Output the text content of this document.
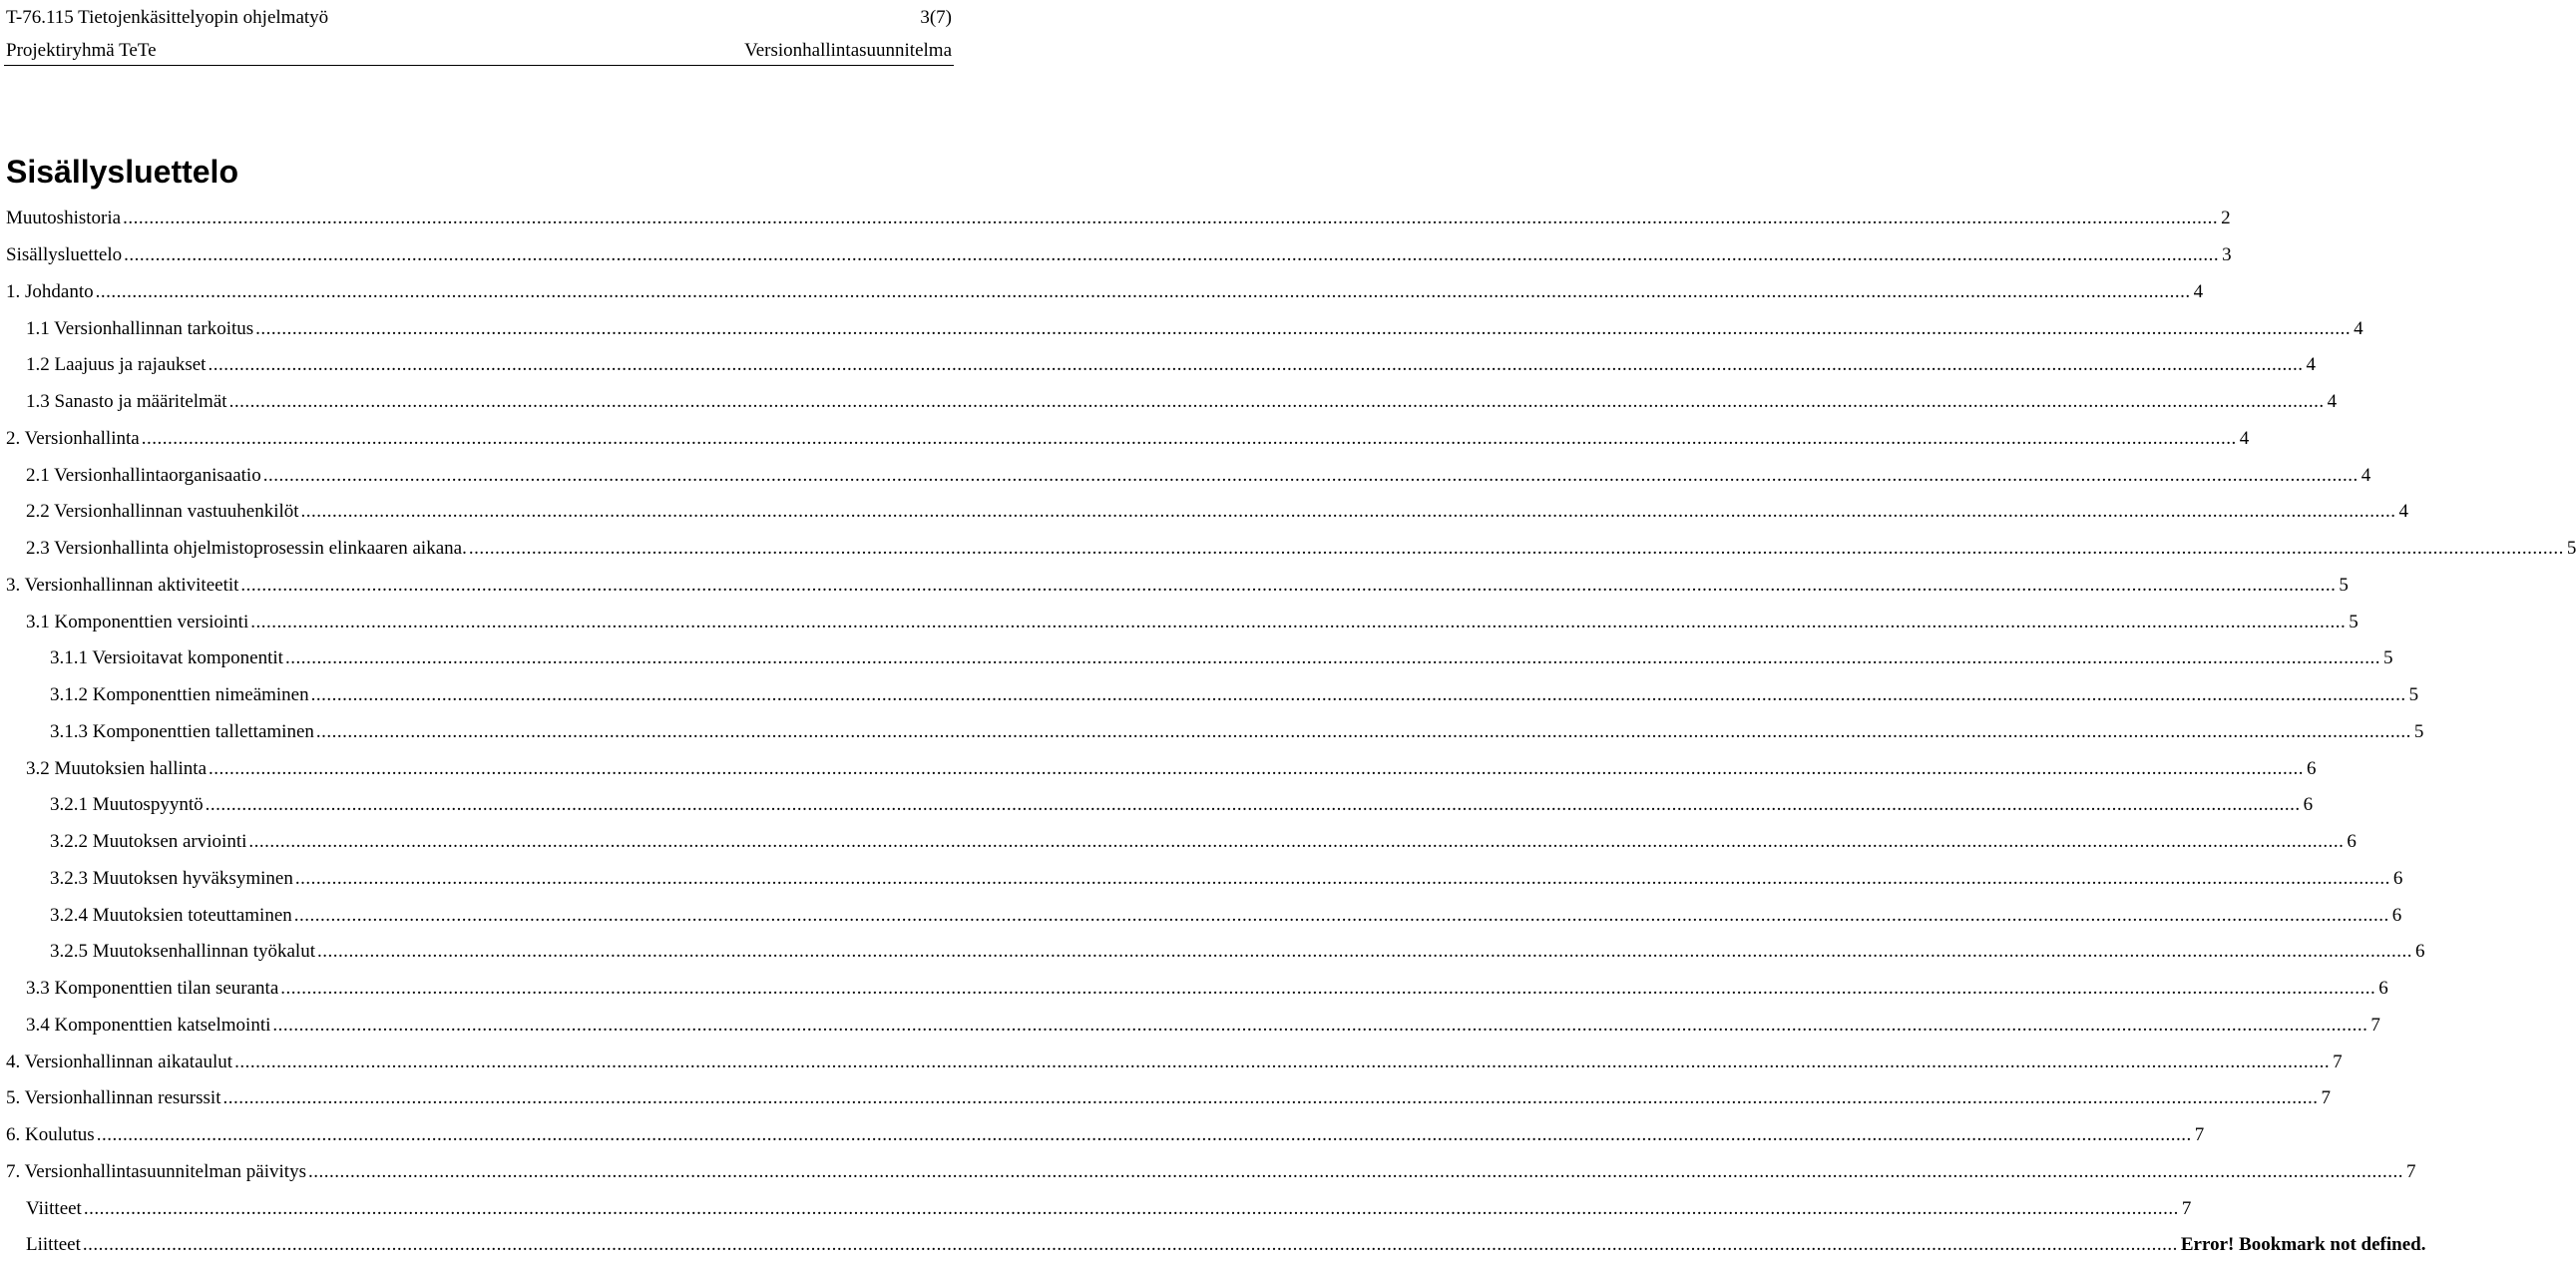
T-76.115 Tietojenkäsittelyopin ohjelmatyö	3(7)
Projektiryhmä TeTe	Versionhallintasuunnitelma
Sisällysluettelo
Muutoshistoria ................................................................................................................................................................................................................................................................................................................................................................................................................ 2
Sisällysluettelo ................................................................................................................................................................................................................................................................................................................................................................................................................ 3
1. Johdanto ................................................................................................................................................................................................................................................................................................................................................................................................................ 4
1.1 Versionhallinnan tarkoitus ................................................................................................................................................................................................................................................................................................................................................................................................................ 4
1.2 Laajuus ja rajaukset ................................................................................................................................................................................................................................................................................................................................................................................................................ 4
1.3 Sanasto ja määritelmät ................................................................................................................................................................................................................................................................................................................................................................................................................ 4
2. Versionhallinta ................................................................................................................................................................................................................................................................................................................................................................................................................ 4
2.1 Versionhallintaorganisaatio ................................................................................................................................................................................................................................................................................................................................................................................................................ 4
2.2 Versionhallinnan vastuuhenkilöt ................................................................................................................................................................................................................................................................................................................................................................................................................ 4
2.3 Versionhallinta ohjelmistoprosessin elinkaaren aikana. ................................................................................................................................................................................................................................................................................................................................................................................................................ 5
3. Versionhallinnan aktiviteetit ................................................................................................................................................................................................................................................................................................................................................................................................................ 5
3.1 Komponenttien versiointi ................................................................................................................................................................................................................................................................................................................................................................................................................ 5
3.1.1 Versioitavat komponentit ................................................................................................................................................................................................................................................................................................................................................................................................................ 5
3.1.2 Komponenttien nimeäminen ................................................................................................................................................................................................................................................................................................................................................................................................................ 5
3.1.3 Komponenttien tallettaminen ................................................................................................................................................................................................................................................................................................................................................................................................................ 5
3.2 Muutoksien hallinta ................................................................................................................................................................................................................................................................................................................................................................................................................ 6
3.2.1 Muutospyyntö ................................................................................................................................................................................................................................................................................................................................................................................................................ 6
3.2.2 Muutoksen arviointi ................................................................................................................................................................................................................................................................................................................................................................................................................ 6
3.2.3 Muutoksen hyväksyminen ................................................................................................................................................................................................................................................................................................................................................................................................................ 6
3.2.4 Muutoksien toteuttaminen ................................................................................................................................................................................................................................................................................................................................................................................................................ 6
3.2.5 Muutoksenhallinnan työkalut ................................................................................................................................................................................................................................................................................................................................................................................................................ 6
3.3 Komponenttien tilan seuranta ................................................................................................................................................................................................................................................................................................................................................................................................................ 6
3.4 Komponenttien katselmointi ................................................................................................................................................................................................................................................................................................................................................................................................................ 7
4. Versionhallinnan aikataulut ................................................................................................................................................................................................................................................................................................................................................................................................................ 7
5. Versionhallinnan resurssit ................................................................................................................................................................................................................................................................................................................................................................................................................ 7
6. Koulutus ................................................................................................................................................................................................................................................................................................................................................................................................................ 7
7. Versionhallintasuunnitelman päivitys ................................................................................................................................................................................................................................................................................................................................................................................................................ 7
Viitteet ................................................................................................................................................................................................................................................................................................................................................................................................................ 7
Liitteet ................................................................................................................................................................................................................................................................................................................................................................................................................ Error! Bookmark not defined.
